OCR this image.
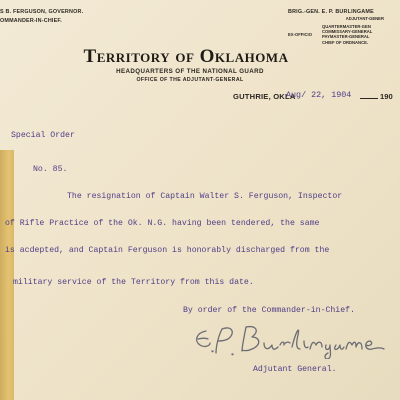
S B. FERGUSON, GOVERNOR.
OMMANDER-IN-CHIEF.
BRIG.-GEN. E. P. BURLINGAME
ADJUTANT-GENER
EX-OFFICIO
QUARTERMASTER-GEN
COMMISSARY-GENERAL
PAYMASTER-GENERAL
CHIEF OF ORDNANCE.
Territory of Oklahoma
HEADQUARTERS OF THE NATIONAL GUARD
OFFICE OF THE ADJUTANT-GENERAL
GUTHRIE, OKLA
Aug/ 22, 1904	190
Special Order
No. 85.
The resignation of Captain Walter S. Ferguson, Inspector
of Rifle Practice of the Ok. N.G. having been tendered, the same
is acdepted, and Captain Ferguson is honorably discharged from the
military service of the Territory from this date.
By order of the Commander-in-Chief.
Adjutant General.
